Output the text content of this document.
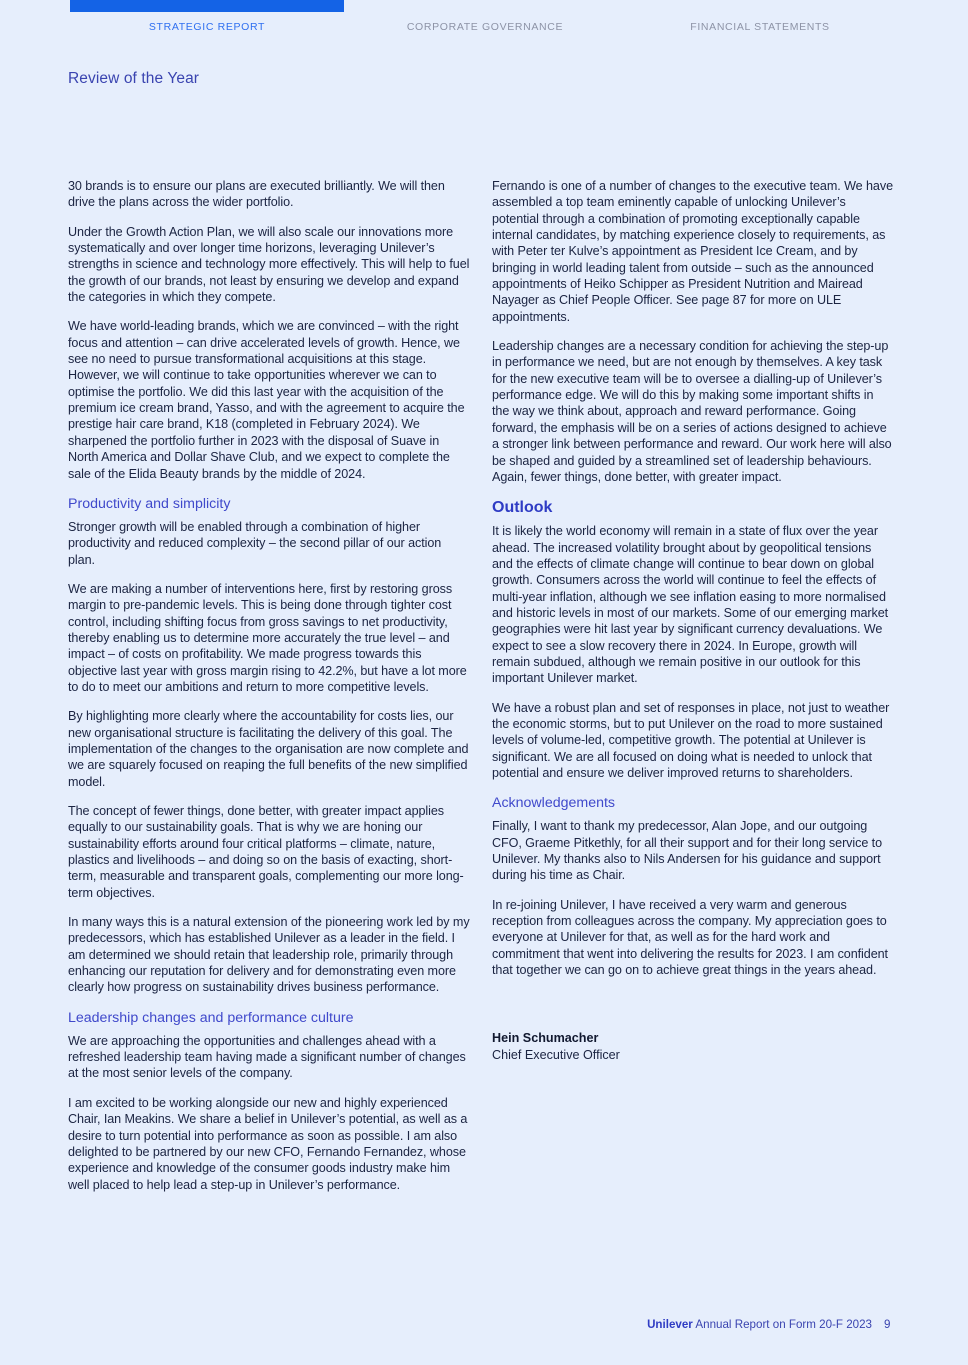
STRATEGIC REPORT	CORPORATE GOVERNANCE	FINANCIAL STATEMENTS
Review of the Year

30 brands is to ensure our plans are executed brilliantly. We will then drive the plans across the wider portfolio.

Under the Growth Action Plan, we will also scale our innovations more systematically and over longer time horizons, leveraging Unilever’s strengths in science and technology more effectively. This will help to fuel the growth of our brands, not least by ensuring we develop and expand the categories in which they compete.

We have world-leading brands, which we are convinced – with the right focus and attention – can drive accelerated levels of growth. Hence, we see no need to pursue transformational acquisitions at this stage. However, we will continue to take opportunities wherever we can to optimise the portfolio. We did this last year with the acquisition of the premium ice cream brand, Yasso, and with the agreement to acquire the prestige hair care brand, K18 (completed in February 2024). We sharpened the portfolio further in 2023 with the disposal of Suave in North America and Dollar Shave Club, and we expect to complete the sale of the Elida Beauty brands by the middle of 2024.

Productivity and simplicity

Stronger growth will be enabled through a combination of higher productivity and reduced complexity – the second pillar of our action plan.

We are making a number of interventions here, first by restoring gross margin to pre-pandemic levels. This is being done through tighter cost control, including shifting focus from gross savings to net productivity, thereby enabling us to determine more accurately the true level – and impact – of costs on profitability. We made progress towards this objective last year with gross margin rising to 42.2%, but have a lot more to do to meet our ambitions and return to more competitive levels.

By highlighting more clearly where the accountability for costs lies, our new organisational structure is facilitating the delivery of this goal. The implementation of the changes to the organisation are now complete and we are squarely focused on reaping the full benefits of the new simplified model.

The concept of fewer things, done better, with greater impact applies equally to our sustainability goals. That is why we are honing our sustainability efforts around four critical platforms – climate, nature, plastics and livelihoods – and doing so on the basis of exacting, short-term, measurable and transparent goals, complementing our more long-term objectives.

In many ways this is a natural extension of the pioneering work led by my predecessors, which has established Unilever as a leader in the field. I am determined we should retain that leadership role, primarily through enhancing our reputation for delivery and for demonstrating even more clearly how progress on sustainability drives business performance.

Leadership changes and performance culture

We are approaching the opportunities and challenges ahead with a refreshed leadership team having made a significant number of changes at the most senior levels of the company.

I am excited to be working alongside our new and highly experienced Chair, Ian Meakins. We share a belief in Unilever’s potential, as well as a desire to turn potential into performance as soon as possible. I am also delighted to be partnered by our new CFO, Fernando Fernandez, whose experience and knowledge of the consumer goods industry make him well placed to help lead a step-up in Unilever’s performance.

Fernando is one of a number of changes to the executive team. We have assembled a top team eminently capable of unlocking Unilever’s potential through a combination of promoting exceptionally capable internal candidates, by matching experience closely to requirements, as with Peter ter Kulve’s appointment as President Ice Cream, and by bringing in world leading talent from outside – such as the announced appointments of Heiko Schipper as President Nutrition and Mairead Nayager as Chief People Officer. See page 87 for more on ULE appointments.

Leadership changes are a necessary condition for achieving the step-up in performance we need, but are not enough by themselves. A key task for the new executive team will be to oversee a dialling-up of Unilever’s performance edge. We will do this by making some important shifts in the way we think about, approach and reward performance. Going forward, the emphasis will be on a series of actions designed to achieve a stronger link between performance and reward. Our work here will also be shaped and guided by a streamlined set of leadership behaviours. Again, fewer things, done better, with greater impact.

Outlook

It is likely the world economy will remain in a state of flux over the year ahead. The increased volatility brought about by geopolitical tensions and the effects of climate change will continue to bear down on global growth. Consumers across the world will continue to feel the effects of multi-year inflation, although we see inflation easing to more normalised and historic levels in most of our markets. Some of our emerging market geographies were hit last year by significant currency devaluations. We expect to see a slow recovery there in 2024. In Europe, growth will remain subdued, although we remain positive in our outlook for this important Unilever market.

We have a robust plan and set of responses in place, not just to weather the economic storms, but to put Unilever on the road to more sustained levels of volume-led, competitive growth. The potential at Unilever is significant. We are all focused on doing what is needed to unlock that potential and ensure we deliver improved returns to shareholders.

Acknowledgements

Finally, I want to thank my predecessor, Alan Jope, and our outgoing CFO, Graeme Pitkethly, for all their support and for their long service to Unilever. My thanks also to Nils Andersen for his guidance and support during his time as Chair.

In re-joining Unilever, I have received a very warm and generous reception from colleagues across the company. My appreciation goes to everyone at Unilever for that, as well as for the hard work and commitment that went into delivering the results for 2023. I am confident that together we can go on to achieve great things in the years ahead.

Hein Schumacher
Chief Executive Officer
Unilever Annual Report on Form 20-F 2023 9
